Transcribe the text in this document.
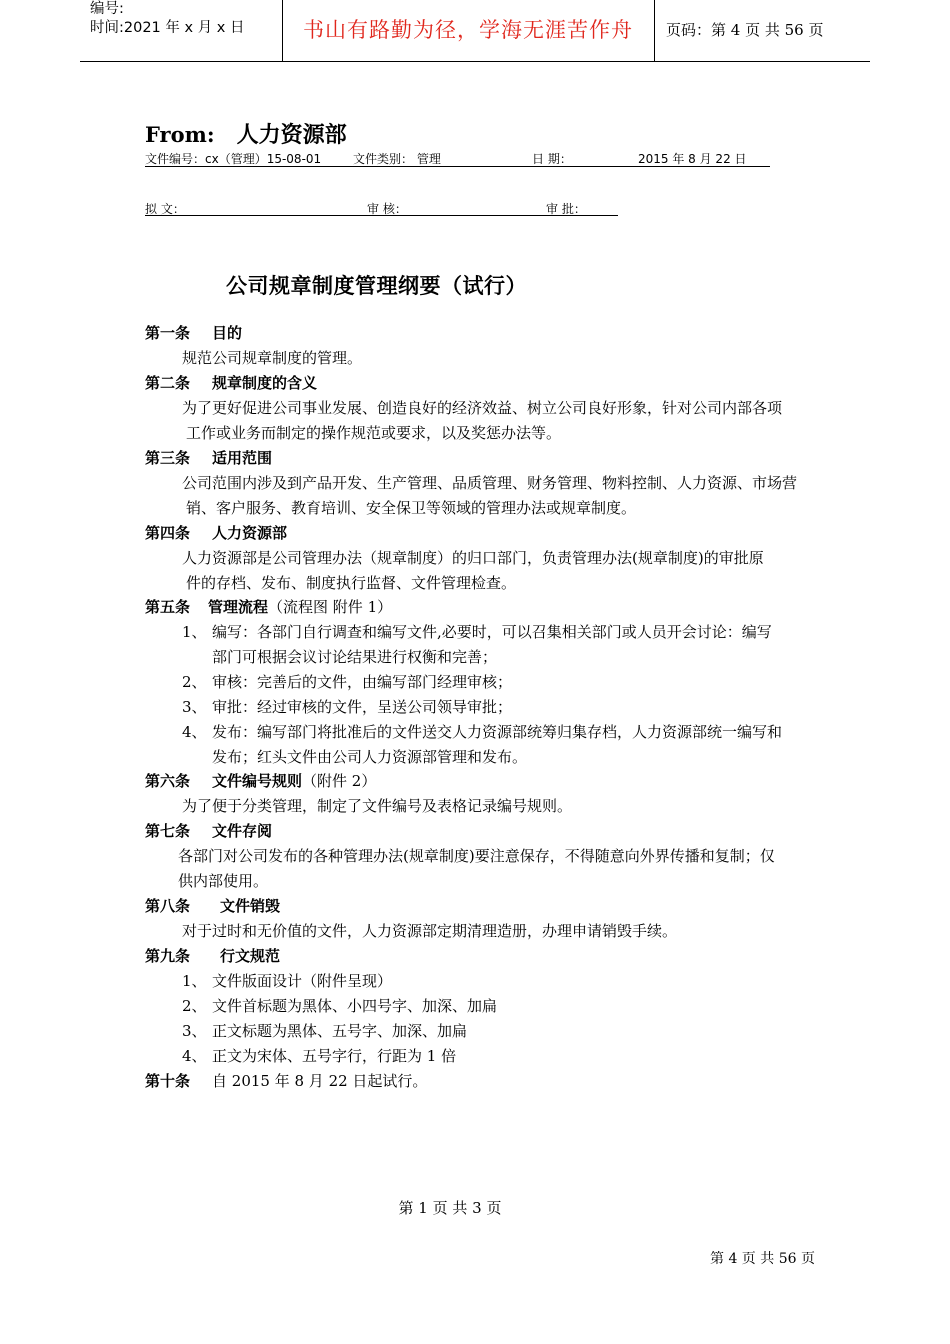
编号:
时间:2021 年 x 月 x 日	书山有路勤为径，学海无涯苦作舟	页码：第 4 页 共 56 页
From: 人力资源部
文件编号：cx（管理）15-08-01	文件类别： 管理	日 期：	2015 年 8 月 22 日
拟 文：	审 核：	审 批：
公司规章制度管理纲要（试行）
第一条 目的
规范公司规章制度的管理。
第二条 规章制度的含义
为了更好促进公司事业发展、创造良好的经济效益、树立公司良好形象，针对公司内部各项
工作或业务而制定的操作规范或要求，以及奖惩办法等。
第三条 适用范围
公司范围内涉及到产品开发、生产管理、品质管理、财务管理、物料控制、人力资源、市场营
销、客户服务、教育培训、安全保卫等领域的管理办法或规章制度。
第四条 人力资源部
人力资源部是公司管理办法（规章制度）的归口部门，负责管理办法(规章制度)的审批原
件的存档、发布、制度执行监督、文件管理检查。
第五条 管理流程（流程图 附件 1）
1、 编写：各部门自行调查和编写文件,必要时，可以召集相关部门或人员开会讨论：编写
部门可根据会议讨论结果进行权衡和完善；
2、 审核：完善后的文件，由编写部门经理审核；
3、 审批：经过审核的文件，呈送公司领导审批；
4、 发布：编写部门将批准后的文件送交人力资源部统筹归集存档，人力资源部统一编写和
发布；红头文件由公司人力资源部管理和发布。
第六条 文件编号规则（附件 2）
为了便于分类管理，制定了文件编号及表格记录编号规则。
第七条 文件存阅
各部门对公司发布的各种管理办法(规章制度)要注意保存，不得随意向外界传播和复制；仅
供内部使用。
第八条 文件销毁
对于过时和无价值的文件，人力资源部定期清理造册，办理申请销毁手续。
第九条 行文规范
1、 文件版面设计（附件呈现）
2、 文件首标题为黑体、小四号字、加深、加扁
3、 正文标题为黑体、五号字、加深、加扁
4、 正文为宋体、五号字行，行距为 1 倍
第十条 自 2015 年 8 月 22 日起试行。
第 1 页 共 3 页
第 4 页 共 56 页
